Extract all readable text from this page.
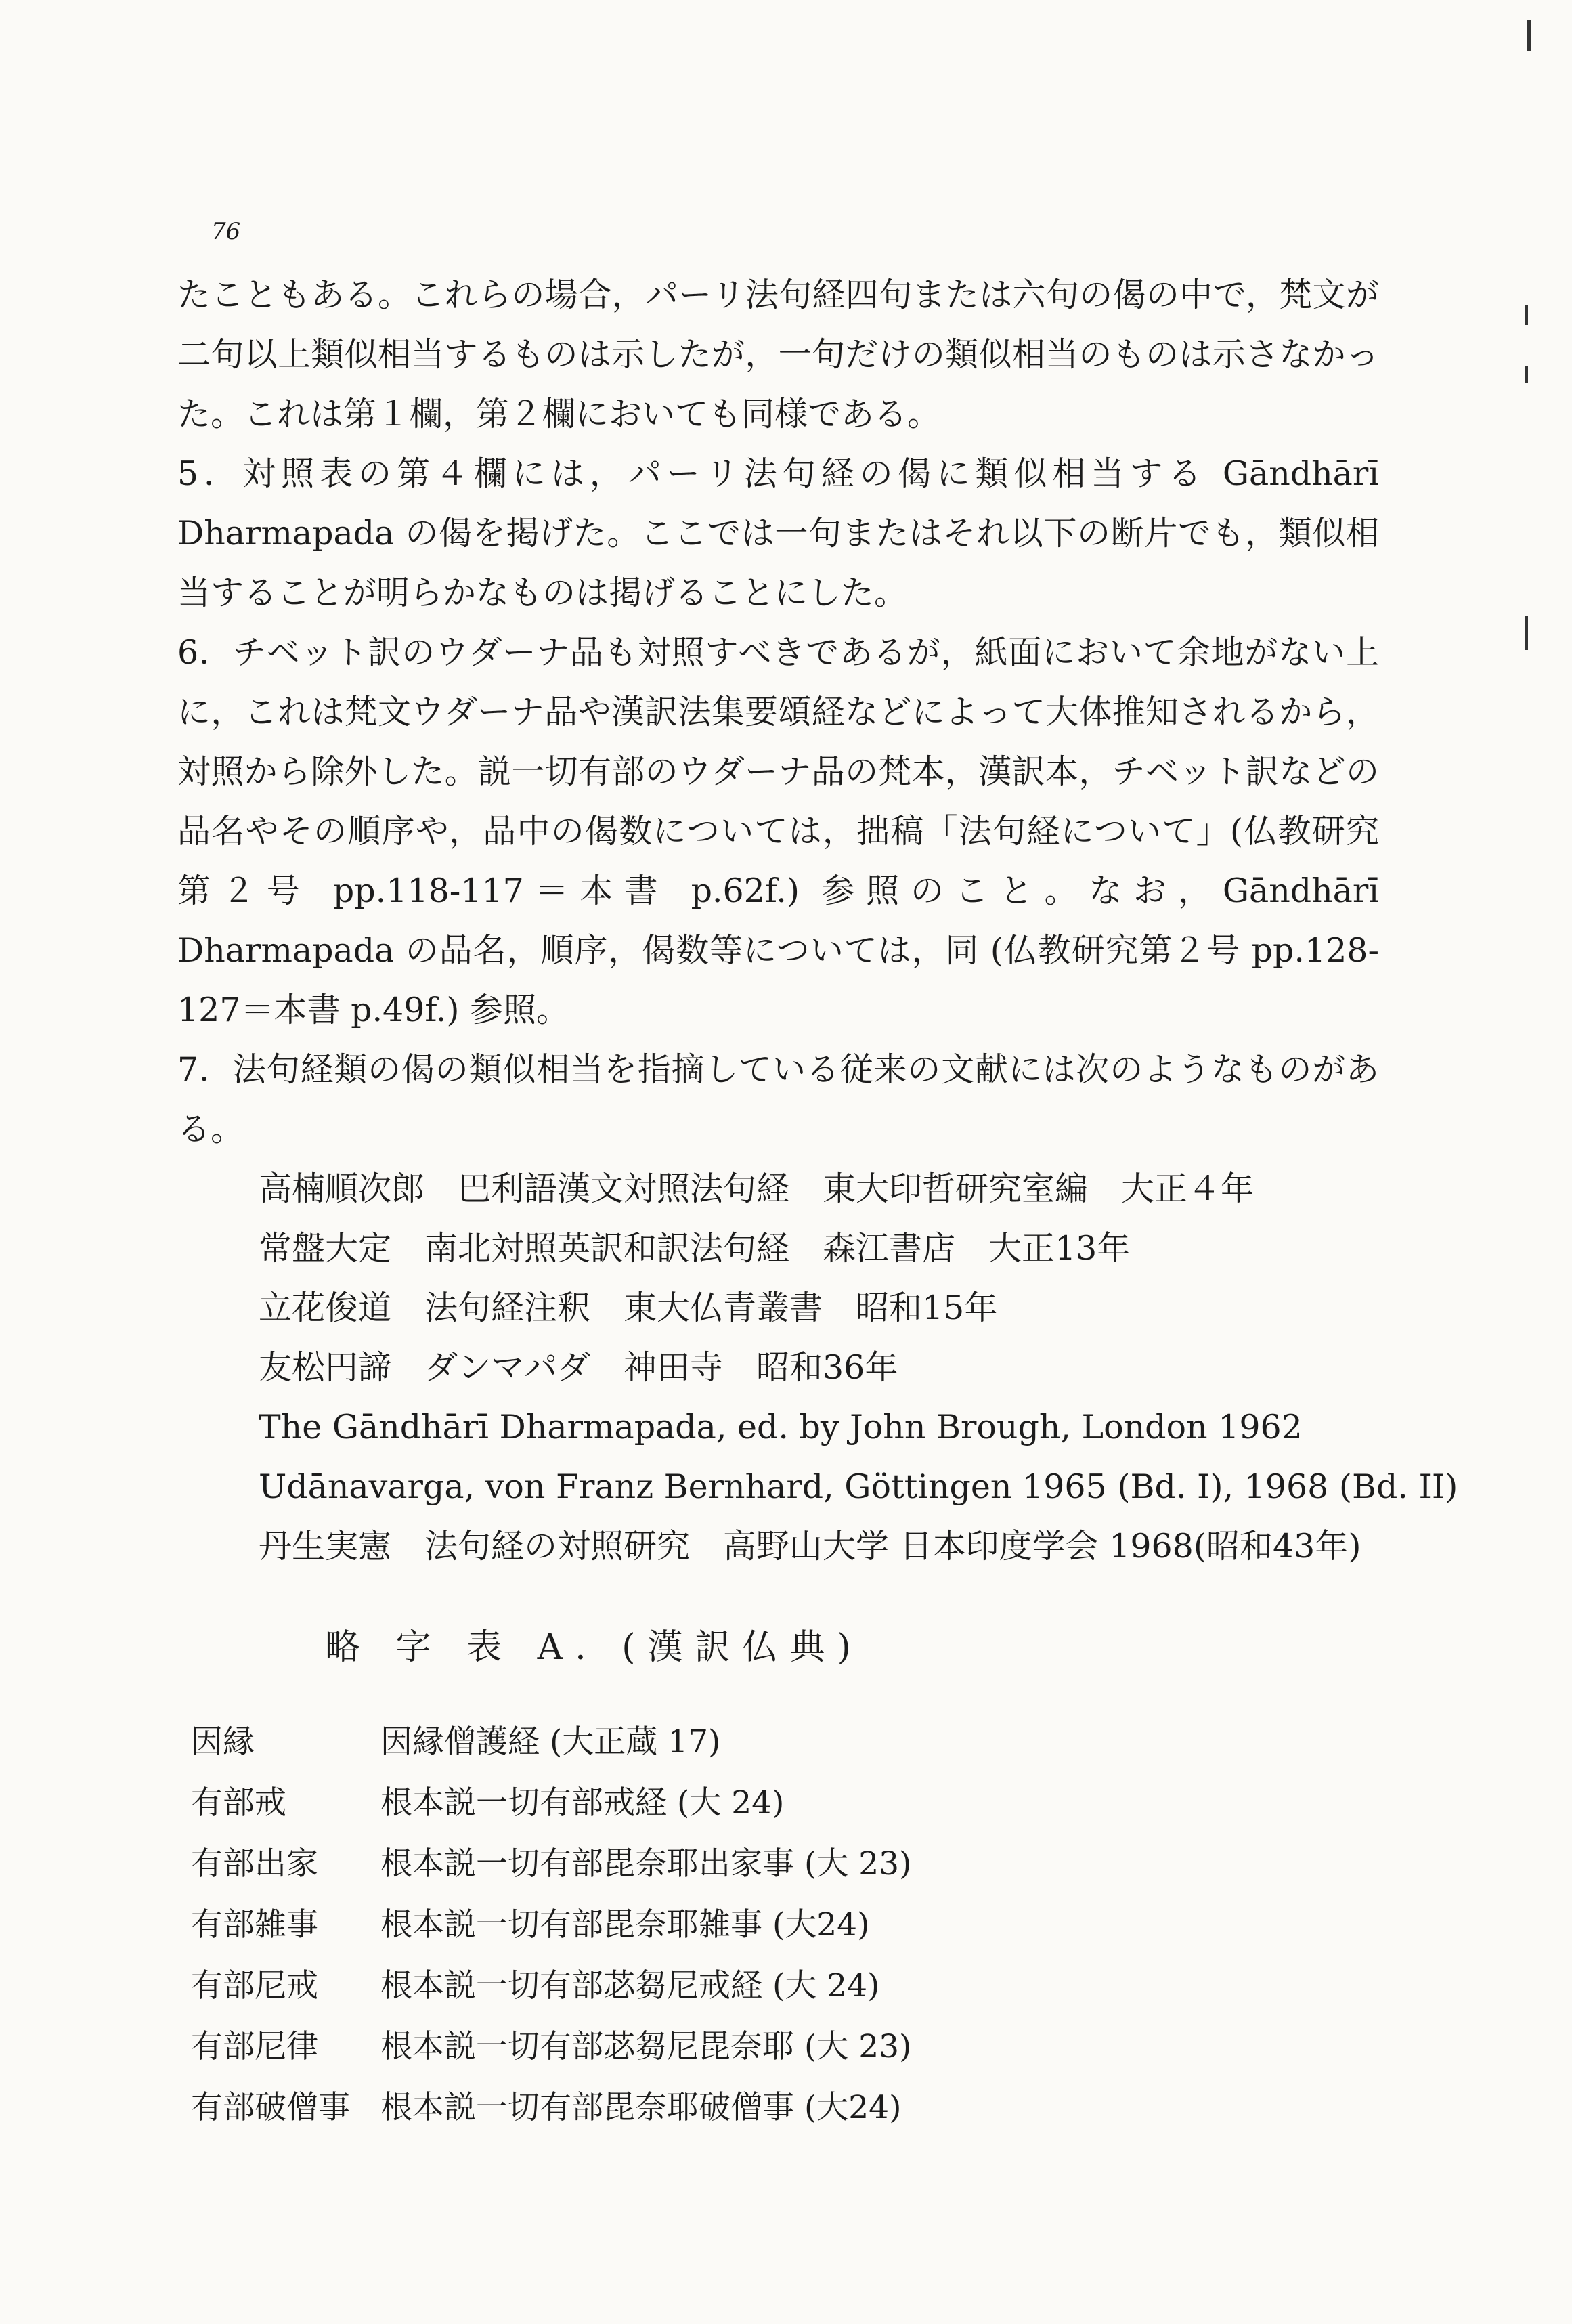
76

たこともある。これらの場合，パーリ法句経四句または六句の偈の中で，梵文が二句以上類似相当するものは示したが，一句だけの類似相当のものは示さなかった。これは第１欄，第２欄においても同様である。

5．対照表の第４欄には，パーリ法句経の偈に類似相当する Gāndhārī Dharmapada の偈を掲げた。ここでは一句またはそれ以下の断片でも，類似相当することが明らかなものは掲げることにした。

6．チベット訳のウダーナ品も対照すべきであるが，紙面において余地がない上に，これは梵文ウダーナ品や漢訳法集要頌経などによって大体推知されるから，対照から除外した。説一切有部のウダーナ品の梵本，漢訳本，チベット訳などの品名やその順序や，品中の偈数については，拙稿「法句経について」(仏教研究第２号 pp.118-117＝本書 p.62f.) 参照のこと。なお，Gāndhārī Dharmapada の品名，順序，偈数等については，同 (仏教研究第２号 pp.128-127＝本書 p.49f.) 参照。

7．法句経類の偈の類似相当を指摘している従来の文献には次のようなものがある。

高楠順次郎　巴利語漢文対照法句経　東大印哲研究室編　大正４年
常盤大定　南北対照英訳和訳法句経　森江書店　大正13年
立花俊道　法句経注釈　東大仏青叢書　昭和15年
友松円諦　ダンマパダ　神田寺　昭和36年
The Gāndhārī Dharmapada, ed. by John Brough, London 1962
Udānavarga, von Franz Bernhard, Göttingen 1965 (Bd. I), 1968 (Bd. II)
丹生実憲　法句経の対照研究　高野山大学 日本印度学会 1968(昭和43年)
略 字 表 A. (漢訳仏典)
因縁	因縁僧護経 (大正蔵 17)
有部戒	根本説一切有部戒経 (大 24)
有部出家 根本説一切有部毘奈耶出家事 (大 23)
有部雑事 根本説一切有部毘奈耶雑事 (大24)
有部尼戒 根本説一切有部苾芻尼戒経 (大 24)
有部尼律 根本説一切有部苾芻尼毘奈耶 (大 23)
有部破僧事 根本説一切有部毘奈耶破僧事 (大24)
